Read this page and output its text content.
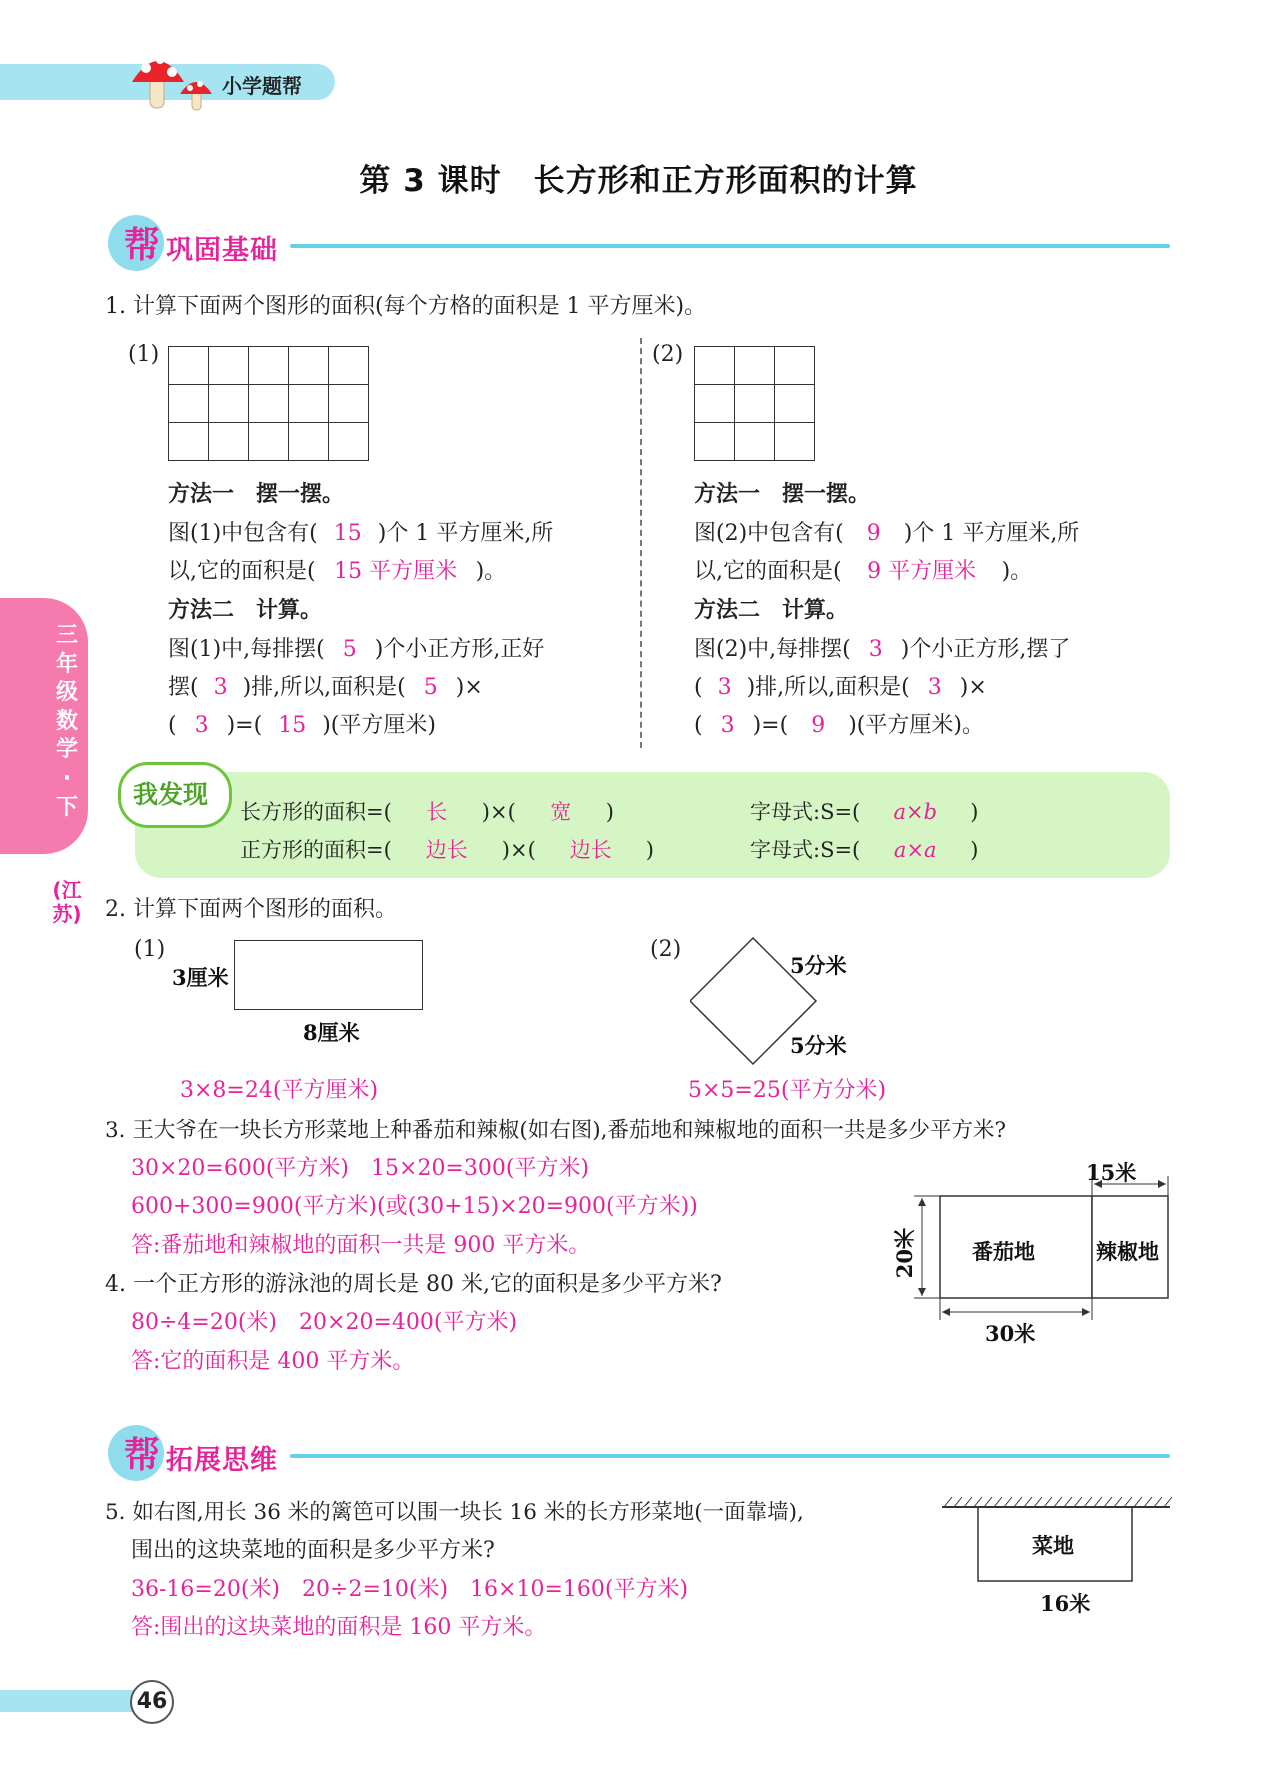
小学题帮
第 3 课时　长方形和正方形面积的计算
帮 巩固基础
三年级数学·下
(江苏)
1. 计算下面两个图形的面积(每个方格的面积是 1 平方厘米)。
(1)

方法一　摆一摆。
图(1)中包含有( 15 )个 1 平方厘米,所
以,它的面积是( 15 平方厘米 )。
方法二　计算。
图(1)中,每排摆( 5 )个小正方形,正好
摆( 3 )排,所以,面积是( 5 )×
( 3 )=( 15 )(平方厘米)
(2)

方法一　摆一摆。
图(2)中包含有( 9 )个 1 平方厘米,所
以,它的面积是( 9 平方厘米 )。
方法二　计算。
图(2)中,每排摆( 3 )个小正方形,摆了
( 3 )排,所以,面积是( 3 )×
( 3 )=( 9 )(平方厘米)。
我发现
长方形的面积=( 长 )×( 宽 )	字母式:S=( a×b )
正方形的面积=( 边长 )×( 边长 )	字母式:S=( a×a )
2. 计算下面两个图形的面积。
(1)
3厘米
8厘米
(2)
5分米
5分米
3×8=24(平方厘米)	5×5=25(平方分米)
3. 王大爷在一块长方形菜地上种番茄和辣椒(如右图),番茄地和辣椒地的面积一共是多少平方米?
30×20=600(平方米)　15×20=300(平方米)
600+300=900(平方米)(或(30+15)×20=900(平方米))
答:番茄地和辣椒地的面积一共是 900 平方米。
15米
20米
30米
番茄地	辣椒地
4. 一个正方形的游泳池的周长是 80 米,它的面积是多少平方米?
80÷4=20(米)　20×20=400(平方米)
答:它的面积是 400 平方米。
帮 拓展思维
5. 如右图,用长 36 米的篱笆可以围一块长 16 米的长方形菜地(一面靠墙),
围出的这块菜地的面积是多少平方米?
36-16=20(米)　20÷2=10(米)　16×10=160(平方米)
答:围出的这块菜地的面积是 160 平方米。
菜地
16米
46
